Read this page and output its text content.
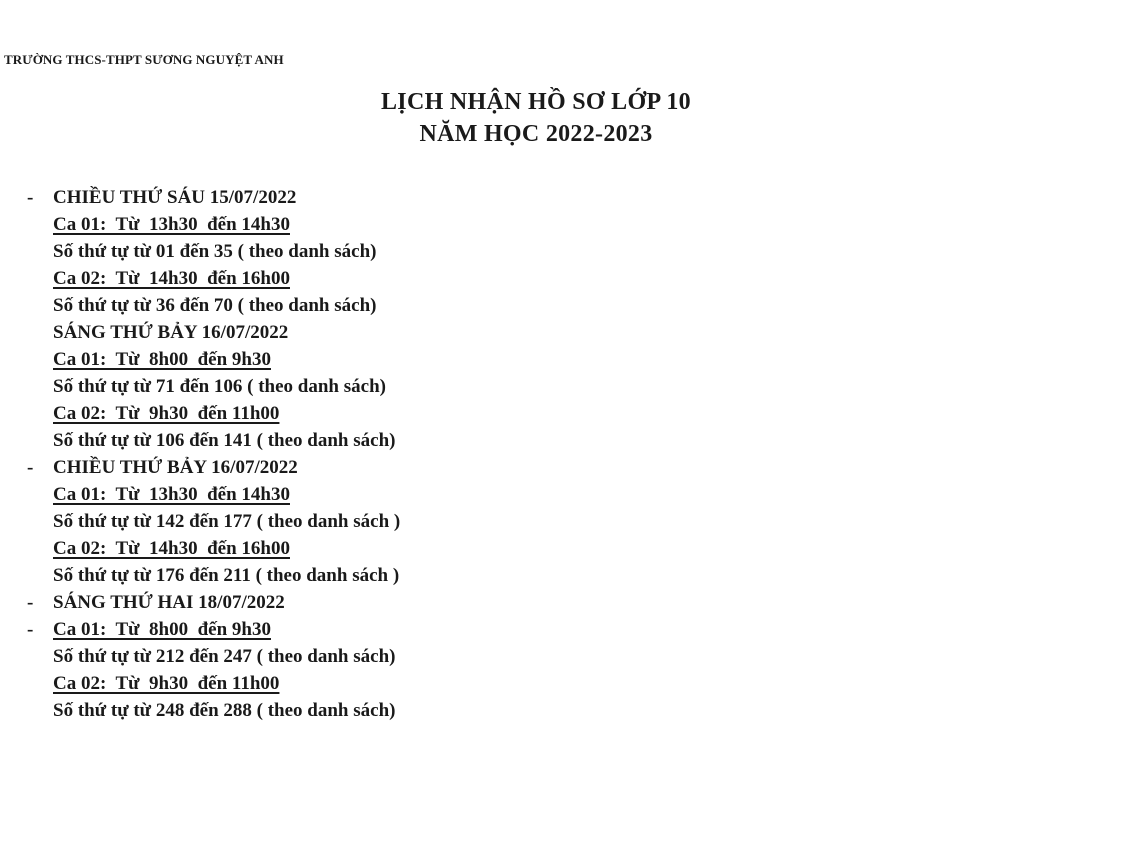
TRƯỜNG THCS-THPT SƯƠNG NGUYỆT ANH
LỊCH NHẬN HỒ SƠ LỚP 10
NĂM HỌC 2022-2023
-
-
-
-
CHIỀU THỨ SÁU 15/07/2022
Ca 01:  Từ  13h30  đến 14h30
Số thứ tự từ 01 đến 35 ( theo danh sách)
Ca 02:  Từ  14h30  đến 16h00
Số thứ tự từ 36 đến 70 ( theo danh sách)
SÁNG THỨ BẢY 16/07/2022
Ca 01:  Từ  8h00  đến 9h30
Số thứ tự từ 71 đến 106 ( theo danh sách)
Ca 02:  Từ  9h30  đến 11h00
Số thứ tự từ 106 đến 141 ( theo danh sách)
CHIỀU THỨ BẢY 16/07/2022
Ca 01:  Từ  13h30  đến 14h30
Số thứ tự từ 142 đến 177 ( theo danh sách )
Ca 02:  Từ  14h30  đến 16h00
Số thứ tự từ 176 đến 211 ( theo danh sách )
SÁNG THỨ HAI 18/07/2022
Ca 01:  Từ  8h00  đến 9h30
Số thứ tự từ 212 đến 247 ( theo danh sách)
Ca 02:  Từ  9h30  đến 11h00
Số thứ tự từ 248 đến 288 ( theo danh sách)
